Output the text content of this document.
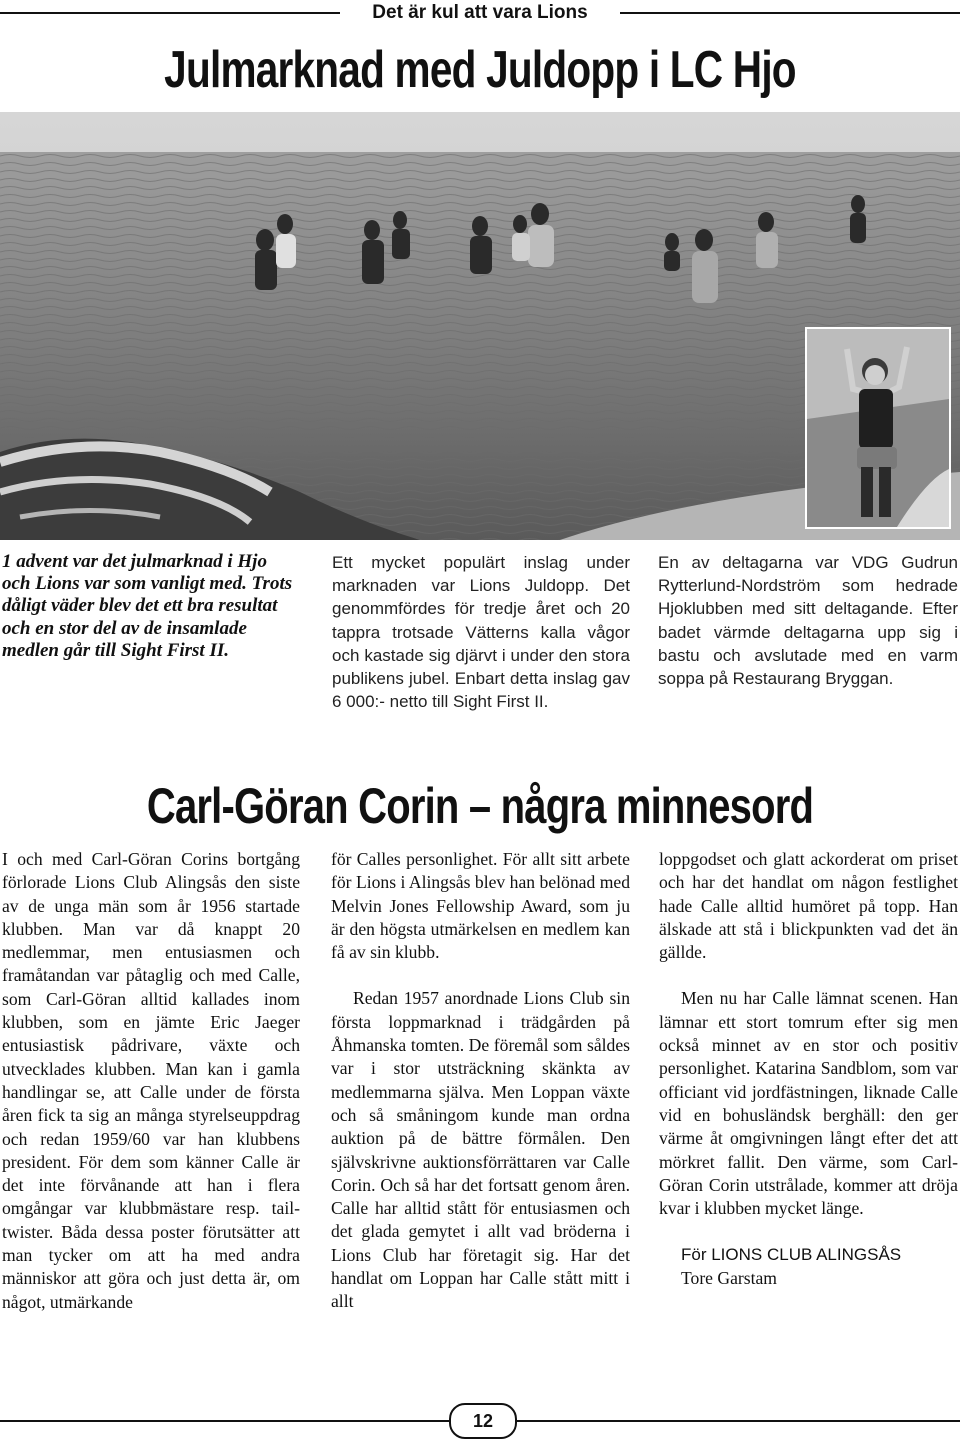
Det är kul att vara Lions
Julmarknad med Juldopp i LC Hjo

1 advent var det julmarknad i Hjo och Lions var som vanligt med. Trots dåligt väder blev det ett bra resultat och en stor del av de insamlade medlen går till Sight First II.

Ett mycket populärt inslag under marknaden var Lions Juldopp. Det genommfördes för tredje året och 20 tappra trotsade Vätterns kalla vågor och kastade sig djärvt i under den stora publikens jubel. Enbart detta inslag gav 6 000:- netto till Sight First II.

En av deltagarna var VDG Gudrun Rytterlund-Nordström som hedrade Hjoklubben med sitt deltagande. Efter badet värmde deltagarna upp sig i bastu och avslutade med en varm soppa på Restaurang Bryggan.

Carl-Göran Corin – några minnesord

I och med Carl-Göran Corins bortgång förlorade Lions Club Alingsås den siste av de unga män som år 1956 startade klubben. Man var då knappt 20 medlemmar, men entusiasmen och framåtandan var påtaglig och med Calle, som Carl-Göran alltid kallades inom klubben, som en jämte Eric Jaeger entusiastisk pådrivare, växte och utvecklades klubben. Man kan i gamla handlingar se, att Calle under de första åren fick ta sig an många styrelseuppdrag och redan 1959/60 var han klubbens president. För dem som känner Calle är det inte förvånande att han i flera omgångar var klubbmästare resp. tail-twister. Båda dessa poster förutsätter att man tycker om att ha med andra människor att göra och just detta är, om något, utmärkande

för Calles personlighet. För allt sitt arbete för Lions i Alingsås blev han belönad med Melvin Jones Fellowship Award, som ju är den högsta utmärkelsen en medlem kan få av sin klubb.

Redan 1957 anordnade Lions Club sin första loppmarknad i trädgården på Åhmanska tomten. De föremål som såldes var i stor utsträckning skänkta av medlemmarna själva. Men Loppan växte och så småningom kunde man ordna auktion på de bättre förmålen. Den självskrivne auktionsförrättaren var Calle Corin. Och så har det fortsatt genom åren. Calle har alltid stått för entusiasmen och det glada gemytet i allt vad bröderna i Lions Club har företagit sig. Har det handlat om Loppan har Calle stått mitt i allt

loppgodset och glatt ackorderat om priset och har det handlat om någon festlighet hade Calle alltid humöret på topp. Han älskade att stå i blickpunkten vad det än gällde.

Men nu har Calle lämnat scenen. Han lämnar ett stort tomrum efter sig men också minnet av en stor och positiv personlighet. Katarina Sandblom, som var officiant vid jordfästningen, liknade Calle vid en bohusländsk berghäll: den ger värme åt omgivningen långt efter det att mörkret fallit. Den värme, som Carl-Göran Corin utstrålade, kommer att dröja kvar i klubben mycket länge.

För LIONS CLUB ALINGSÅS

Tore Garstam

12
